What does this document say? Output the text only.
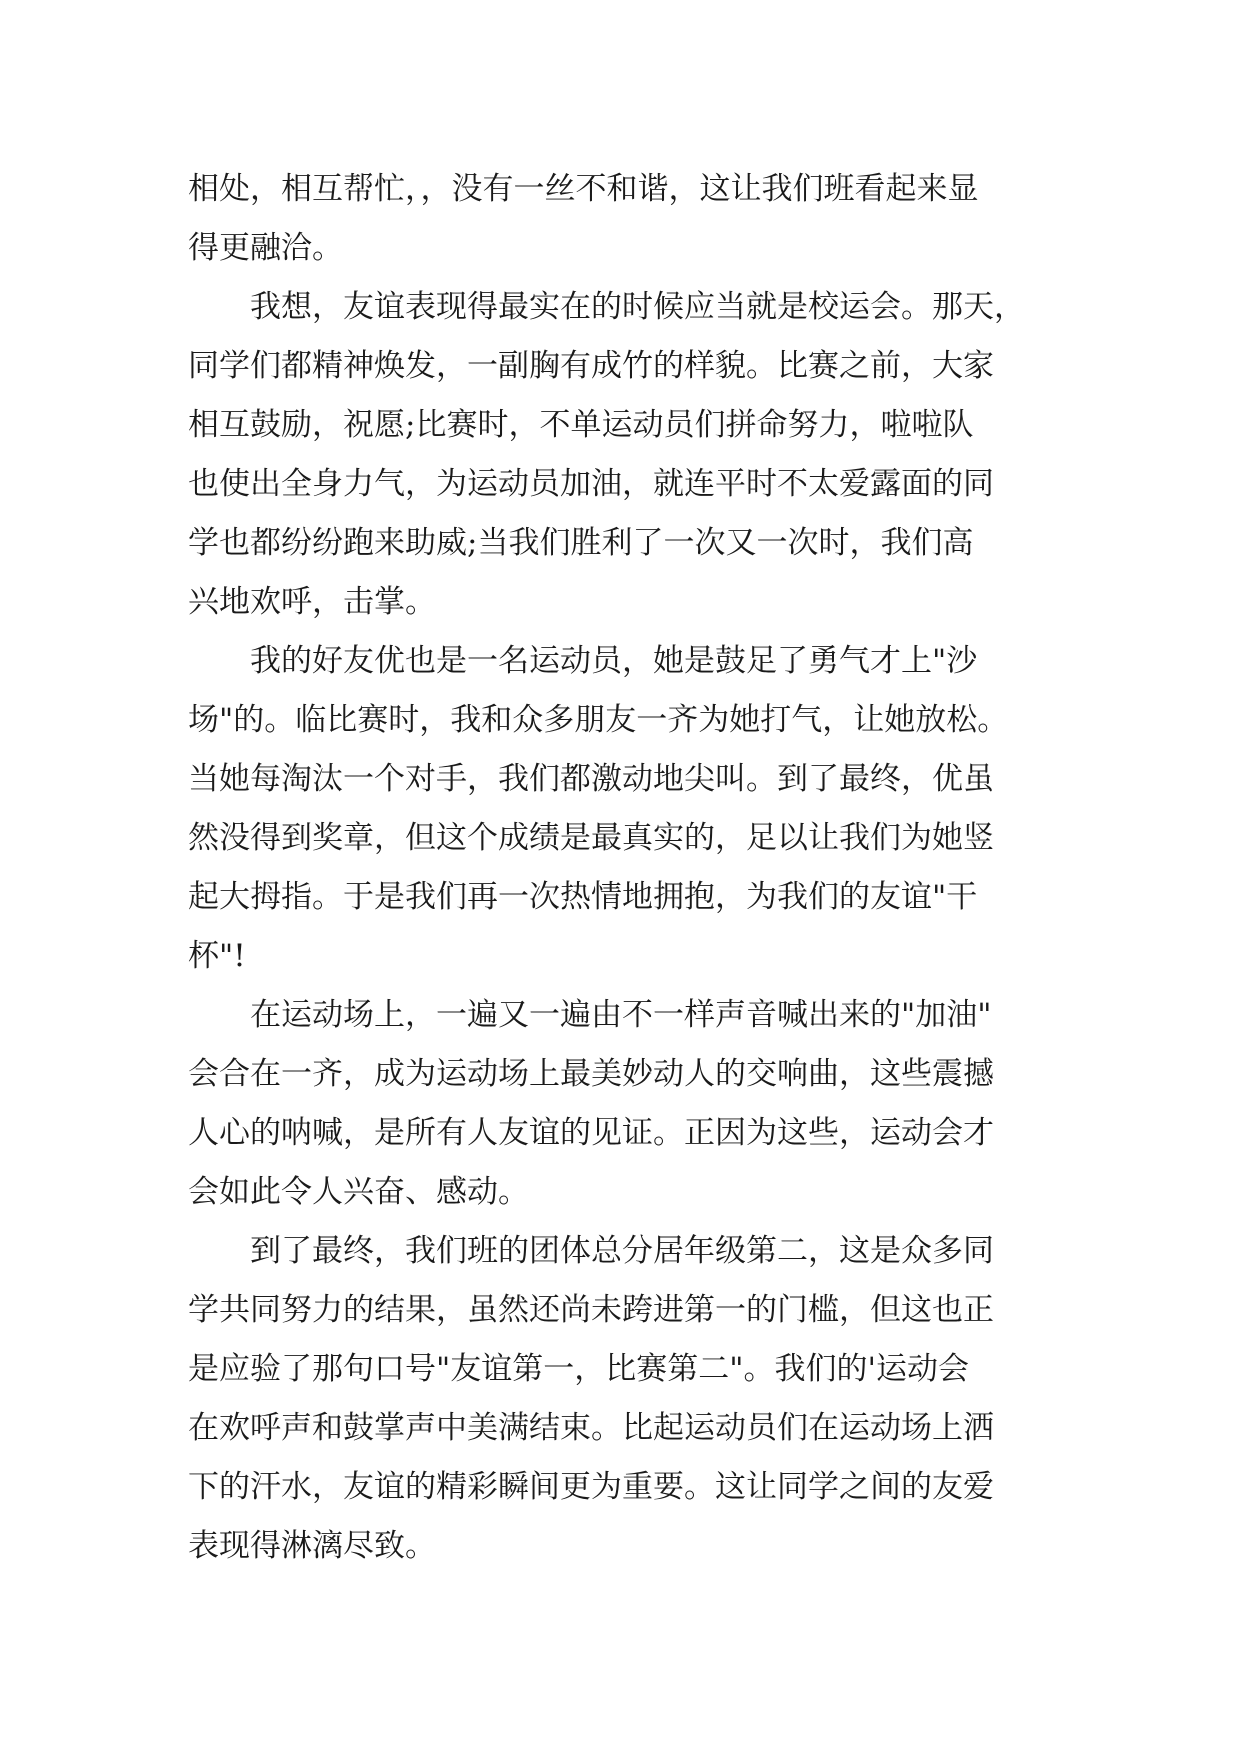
相处，相互帮忙，，没有一丝不和谐，这让我们班看起来显
得更融洽。
我想，友谊表现得最实在的时候应当就是校运会。那天，
同学们都精神焕发，一副胸有成竹的样貌。比赛之前，大家
相互鼓励，祝愿;比赛时，不单运动员们拼命努力，啦啦队
也使出全身力气，为运动员加油，就连平时不太爱露面的同
学也都纷纷跑来助威;当我们胜利了一次又一次时，我们高
兴地欢呼，击掌。
我的好友优也是一名运动员，她是鼓足了勇气才上"沙
场"的。临比赛时，我和众多朋友一齐为她打气，让她放松。
当她每淘汰一个对手，我们都激动地尖叫。到了最终，优虽
然没得到奖章，但这个成绩是最真实的，足以让我们为她竖
起大拇指。于是我们再一次热情地拥抱，为我们的友谊"干
杯"!
在运动场上，一遍又一遍由不一样声音喊出来的"加油"
会合在一齐，成为运动场上最美妙动人的交响曲，这些震撼
人心的呐喊，是所有人友谊的见证。正因为这些，运动会才
会如此令人兴奋、感动。
到了最终，我们班的团体总分居年级第二，这是众多同
学共同努力的结果，虽然还尚未跨进第一的门槛，但这也正
是应验了那句口号"友谊第一，比赛第二"。我们的'运动会
在欢呼声和鼓掌声中美满结束。比起运动员们在运动场上洒
下的汗水，友谊的精彩瞬间更为重要。这让同学之间的友爱
表现得淋漓尽致。
